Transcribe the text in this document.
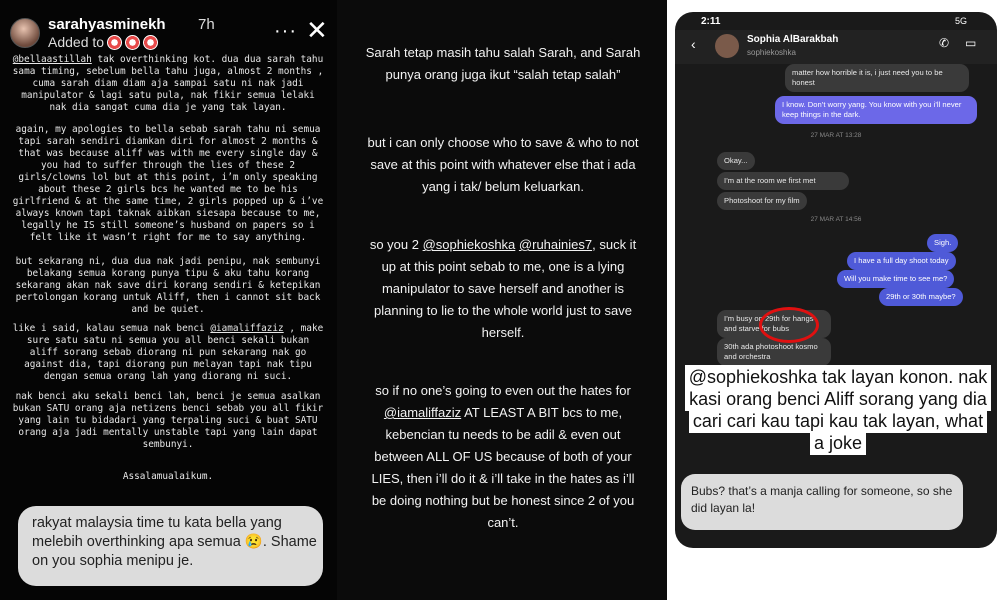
sarahyasminekh 7h
Added to	··· ✕
@bellaastillah tak overthinking kot. dua dua sarah tahu sama timing, sebelum bella tahu juga, almost 2 months , cuma sarah diam diam aja sampai satu ni nak jadi manipulator & lagi satu pula, nak fikir semua lelaki nak dia sangat cuma dia je yang tak layan.
again, my apologies to bella sebab sarah tahu ni semua tapi sarah sendiri diamkan diri for almost 2 months & that was because aliff was with me every single day & you had to suffer through the lies of these 2 girls/clowns lol but at this point, i’m only speaking about these 2 girls bcs he wanted me to be his girlfriend & at the same time, 2 girls popped up & i’ve always known tapi taknak aibkan siesapa because to me, legally he IS still someone’s husband on papers so i felt like it wasn’t right for me to say anything.
but sekarang ni, dua dua nak jadi penipu, nak sembunyi belakang semua korang punya tipu & aku tahu korang sekarang akan nak save diri korang sendiri & ketepikan pertolongan korang untuk Aliff, then i cannot sit back and be quiet.
like i said, kalau semua nak benci @iamaliffaziz , make sure satu satu ni semua you all benci sekali bukan aliff sorang sebab diorang ni pun sekarang nak go against dia, tapi diorang pun melayan tapi nak tipu dengan semua orang lah yang diorang ni suci.
nak benci aku sekali benci lah, benci je semua asalkan bukan SATU orang aja netizens benci sebab you all fikir yang lain tu bidadari yang terpaling suci & buat SATU orang aja jadi mentally unstable tapi yang lain dapat sembunyi.
Assalamualaikum.
rakyat malaysia time tu kata bella yang melebih overthinking apa semua 😢. Shame on you sophia menipu je.
Sarah tetap masih tahu salah Sarah, and Sarah punya orang juga ikut “salah tetap salah”
but i can only choose who to save & who to not save at this point with whatever else that i ada yang i tak/ belum keluarkan.
so you 2 @sophiekoshka @ruhainies7, suck it up at this point sebab to me, one is a lying manipulator to save herself and another is planning to lie to the whole world just to save herself.
so if no one’s going to even out the hates for @iamaliffaziz AT LEAST A BIT bcs to me, kebencian tu needs to be adil & even out between ALL OF US because of both of your LIES, then i’ll do it & i’ll take in the hates as i’ll be doing nothing but be honest since 2 of you can’t.
2:11	5G
‹	Sophia AlBarakbah
sophiekoshka
✆ ▭
matter how horrible it is, i just need you to be honest
I know. Don’t worry yang. You know with you i’ll never keep things in the dark.
27 MAR AT 13:28
Okay...
I’m at the room we first met
Photoshoot for my film
27 MAR AT 14:56
Sigh.
I have a full day shoot today
Will you make time to see me?
29th or 30th maybe?
I’m busy on 29th for hangs and starve for bubs
30th ada photoshoot kosmo and orchestra
@sophiekoshka tak layan konon. nak
kasi orang benci Aliff sorang yang dia
cari cari kau tapi kau tak layan, what
a joke
Bubs? that’s a manja calling for someone, so she did layan la!
